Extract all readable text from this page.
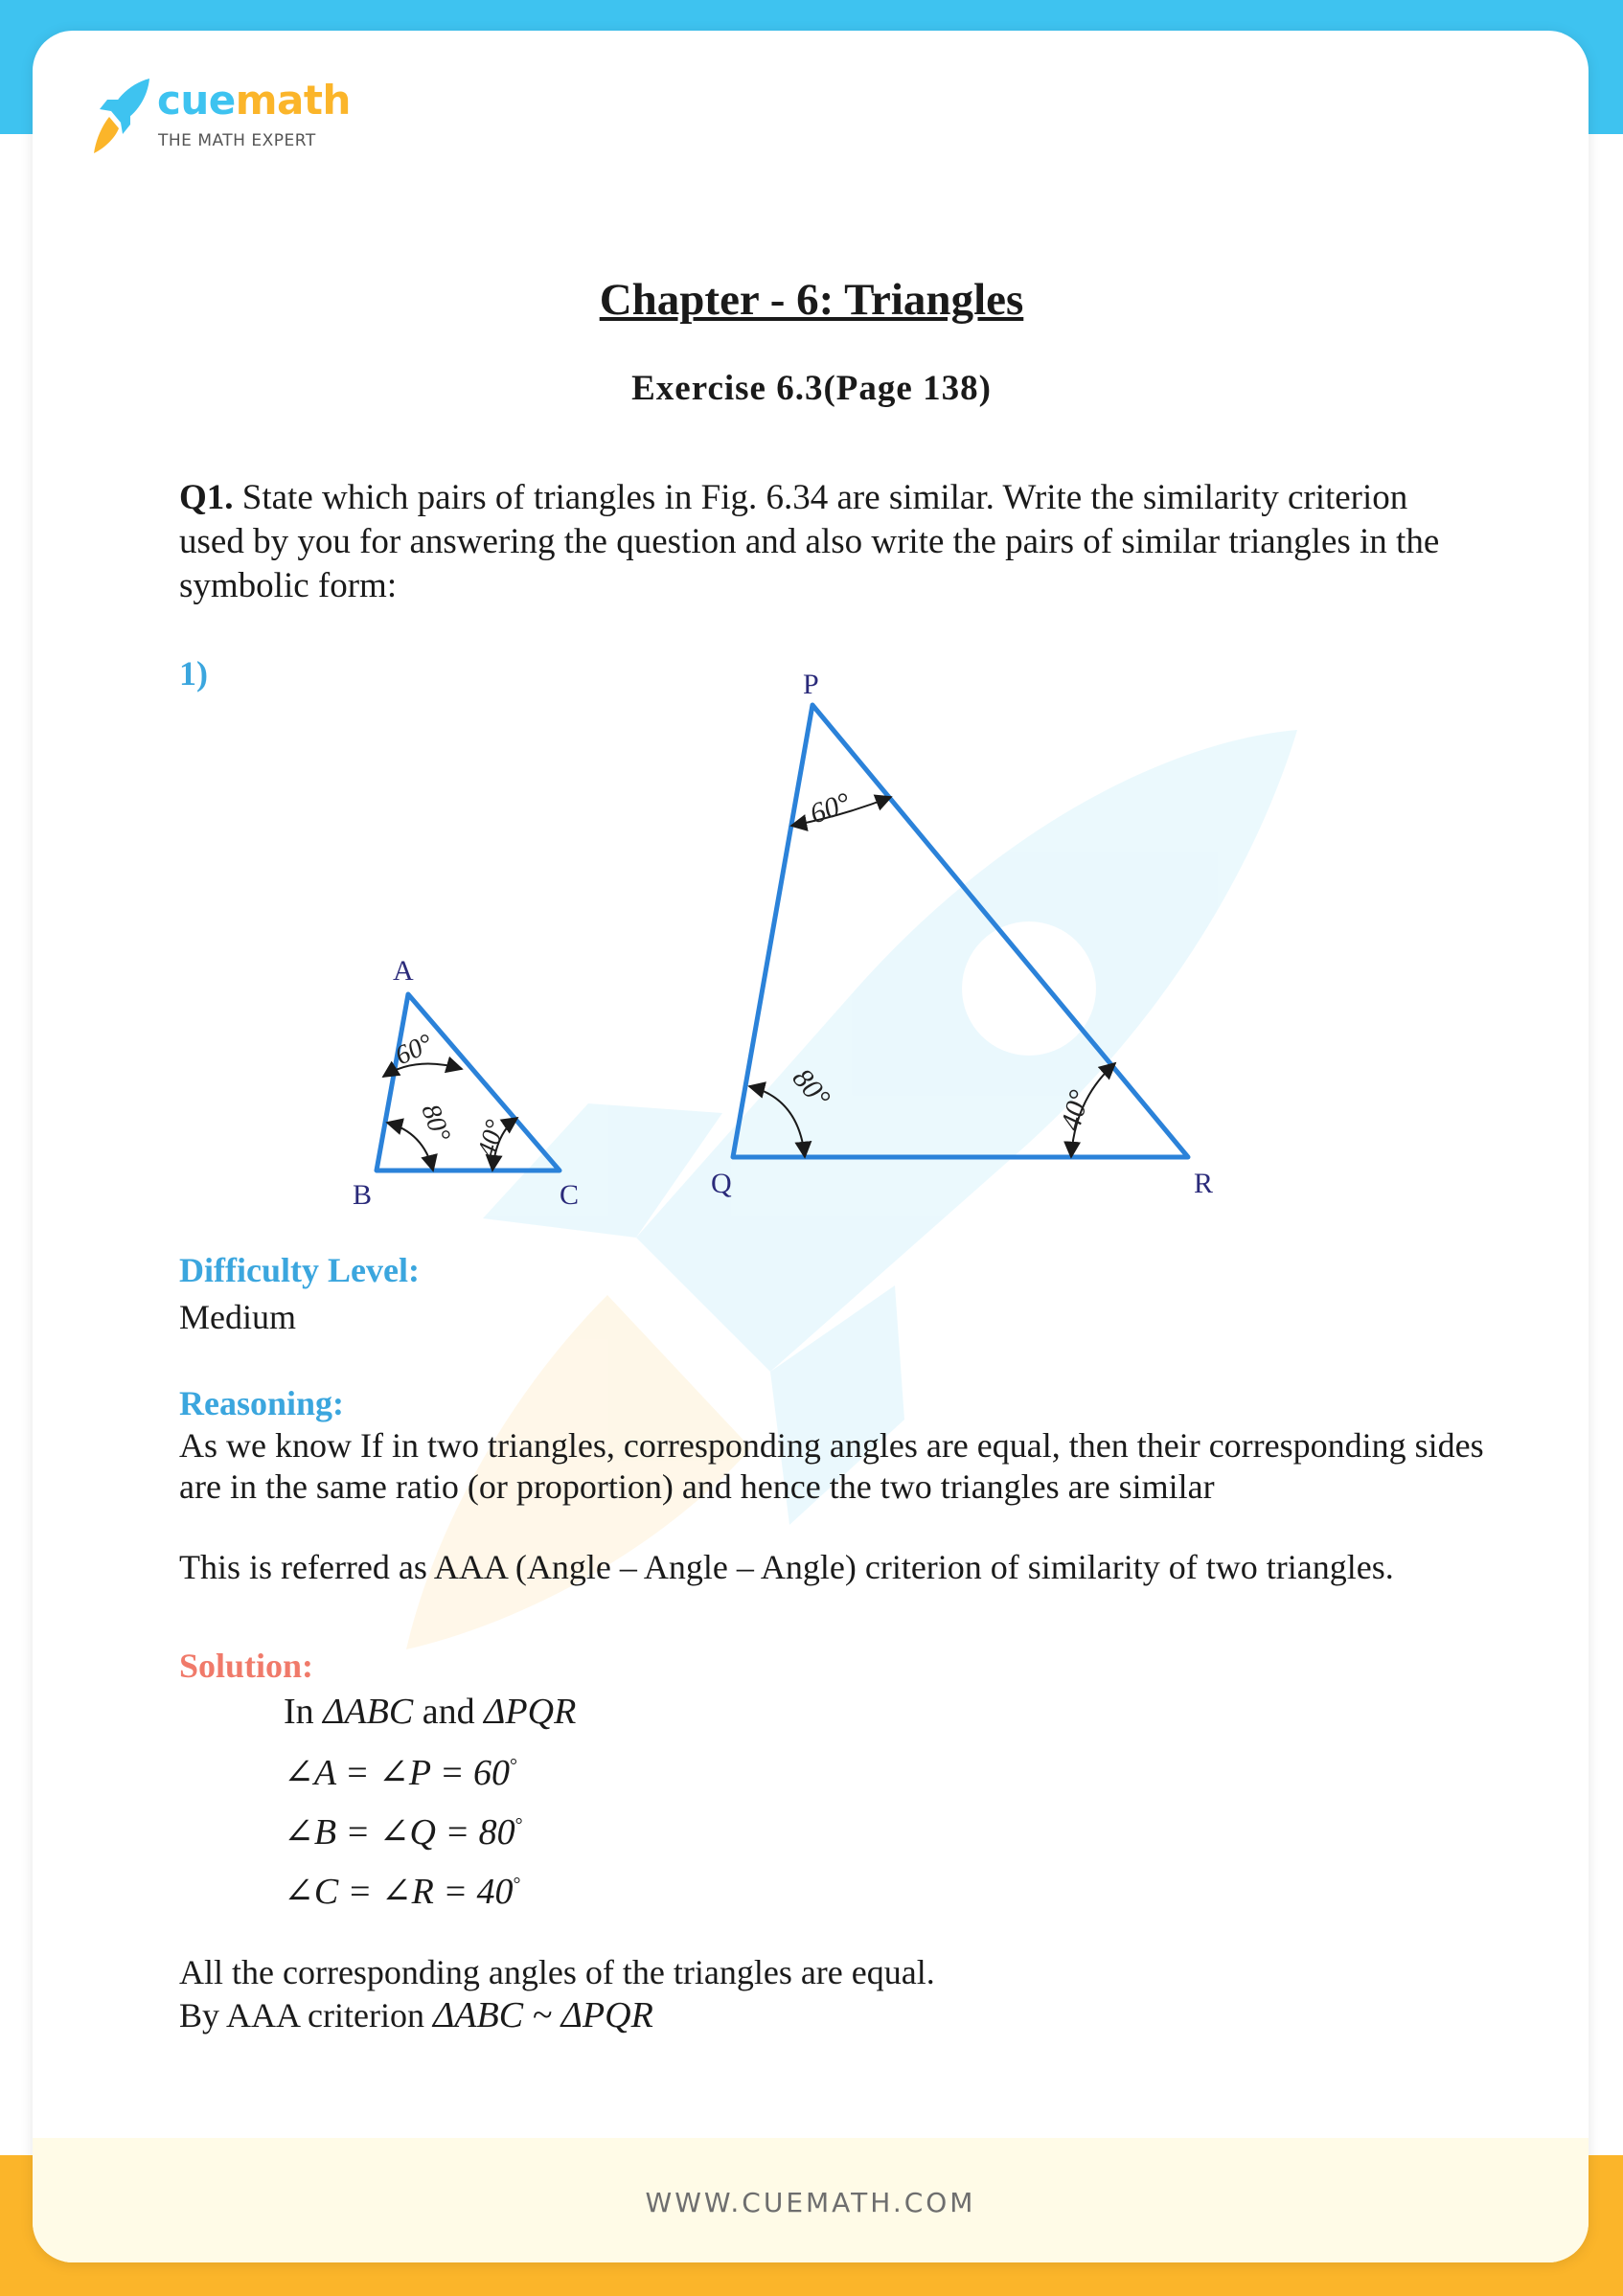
cuemath
THE MATH EXPERT
Chapter - 6: Triangles
Exercise 6.3(Page 138)
Q1. State which pairs of triangles in Fig. 6.34 are similar. Write the similarity criterion used by you for answering the question and also write the pairs of similar triangles in the symbolic form:
1)
A
B	C
60°
80° 40°
P
Q	R
60°
80°	40°
Difficulty Level:
Medium
Reasoning:
As we know If in two triangles, corresponding angles are equal, then their corresponding sides are in the same ratio (or proportion) and hence the two triangles are similar
This is referred as AAA (Angle – Angle – Angle) criterion of similarity of two triangles.
Solution:
In ΔABC and ΔPQR
∠A = ∠P = 60°
∠B = ∠Q = 80°
∠C = ∠R = 40°
All the corresponding angles of the triangles are equal.
By AAA criterion ΔABC ~ ΔPQR
WWW.CUEMATH.COM
